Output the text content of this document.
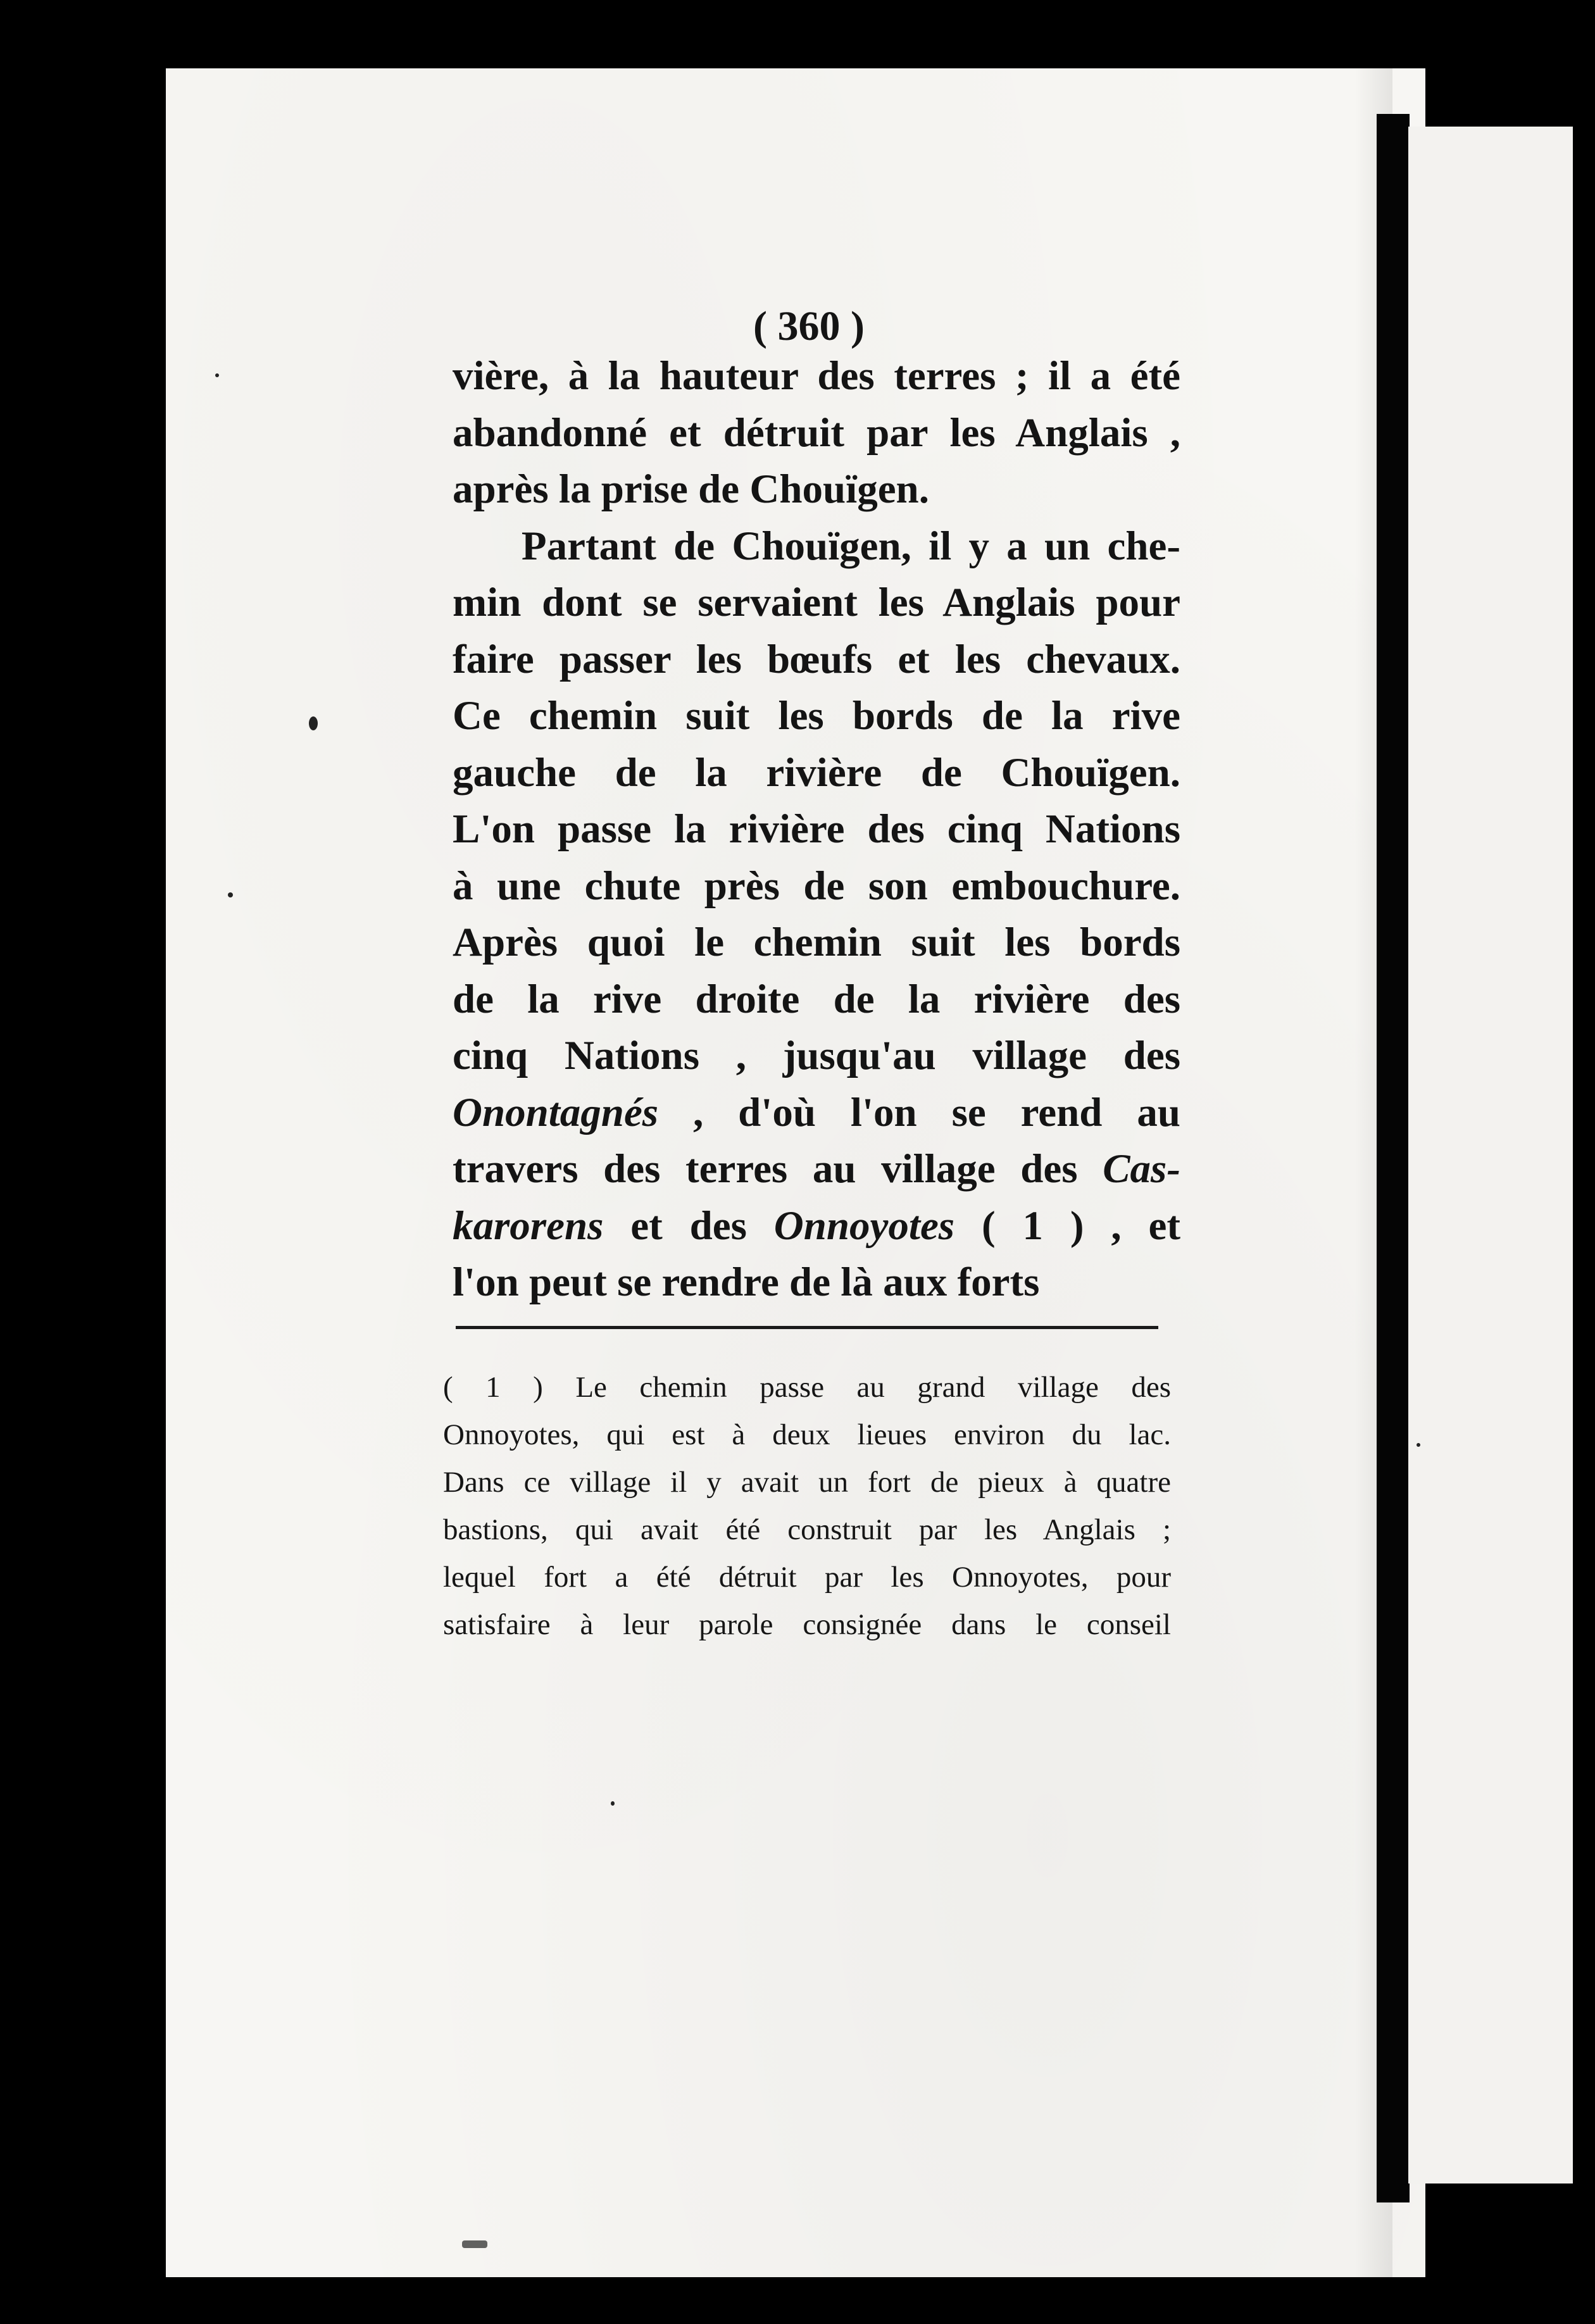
( 360 )
vière, à la hauteur des terres ; il a été
abandonné et détruit par les Anglais ,
après la prise de Chouïgen.
Partant de Chouïgen, il y a un che-
min dont se servaient les Anglais pour
faire passer les bœufs et les chevaux.
Ce chemin suit les bords de la rive
gauche de la rivière de Chouïgen.
L'on passe la rivière des cinq Nations
à une chute près de son embouchure.
Après quoi le chemin suit les bords
de la rive droite de la rivière des
cinq Nations , jusqu'au village des
Onontagnés , d'où l'on se rend au
travers des terres au village des Cas-
karorens et des Onnoyotes ( 1 ) , et
l'on peut se rendre de là aux forts
( 1 ) Le chemin passe au grand village des
Onnoyotes, qui est à deux lieues environ du lac.
Dans ce village il y avait un fort de pieux à quatre
bastions, qui avait été construit par les Anglais ;
lequel fort a été détruit par les Onnoyotes, pour
satisfaire à leur parole consignée dans le conseil
